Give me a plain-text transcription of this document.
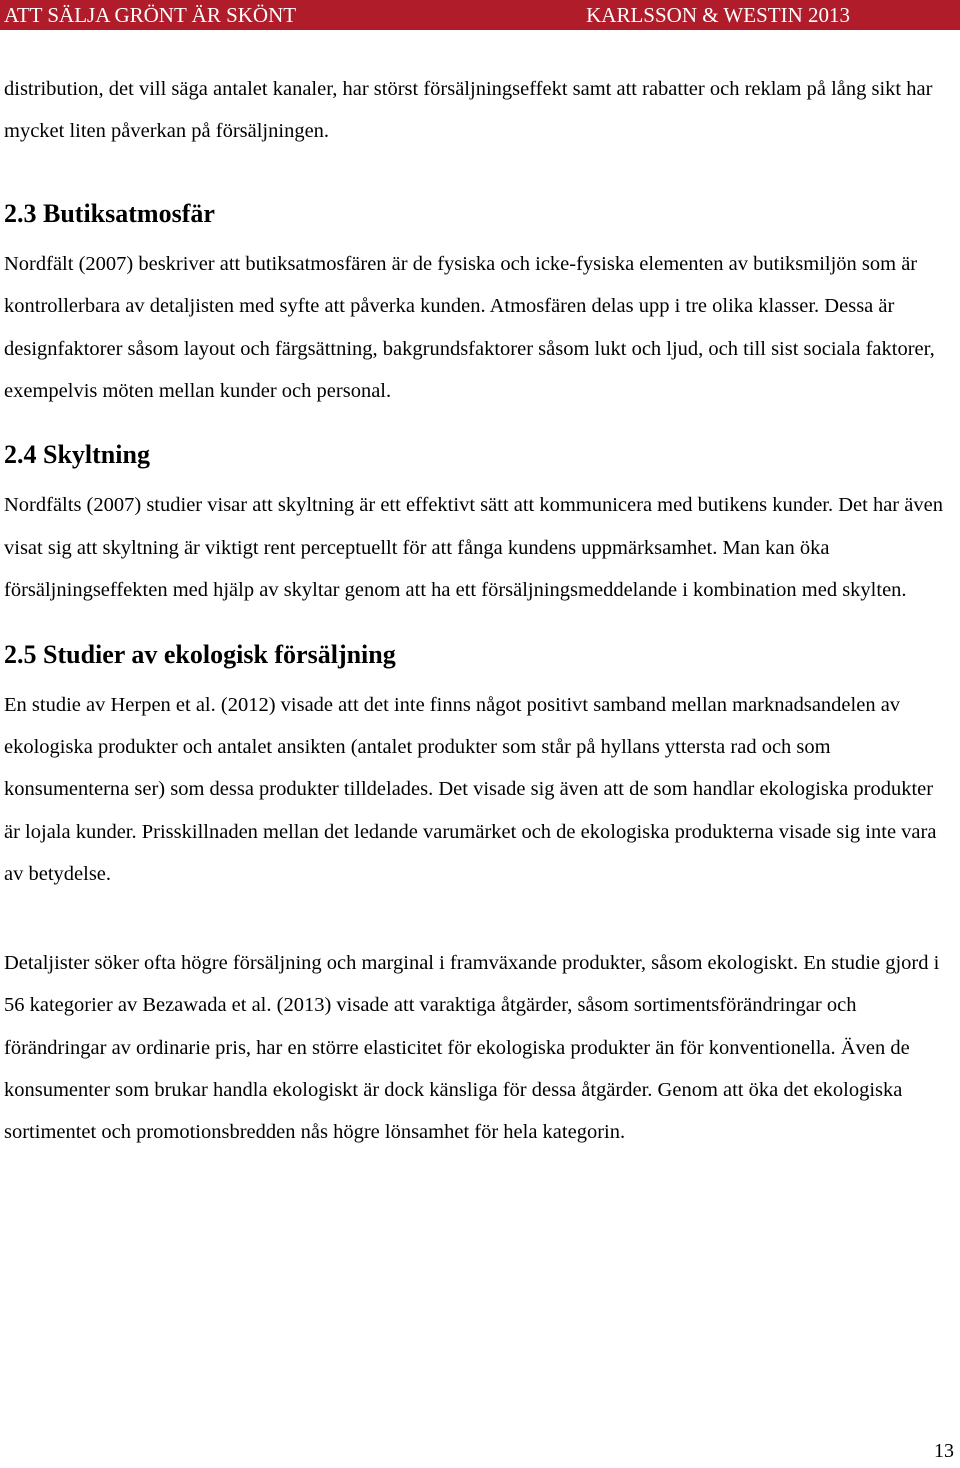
ATT SÄLJA GRÖNT ÄR SKÖNT	KARLSSON & WESTIN 2013

distribution, det vill säga antalet kanaler, har störst försäljningseffekt samt att rabatter och reklam på lång sikt har mycket liten påverkan på försäljningen.

2.3 Butiksatmosfär

Nordfält (2007) beskriver att butiksatmosfären är de fysiska och icke-fysiska elementen av butiksmiljön som är kontrollerbara av detaljisten med syfte att påverka kunden. Atmosfären delas upp i tre olika klasser. Dessa är designfaktorer såsom layout och färgsättning, bakgrundsfaktorer såsom lukt och ljud, och till sist sociala faktorer, exempelvis möten mellan kunder och personal.

2.4 Skyltning

Nordfälts (2007) studier visar att skyltning är ett effektivt sätt att kommunicera med butikens kunder. Det har även visat sig att skyltning är viktigt rent perceptuellt för att fånga kundens uppmärksamhet. Man kan öka försäljningseffekten med hjälp av skyltar genom att ha ett försäljningsmeddelande i kombination med skylten.

2.5 Studier av ekologisk försäljning

En studie av Herpen et al. (2012) visade att det inte finns något positivt samband mellan marknadsandelen av ekologiska produkter och antalet ansikten (antalet produkter som står på hyllans yttersta rad och som konsumenterna ser) som dessa produkter tilldelades. Det visade sig även att de som handlar ekologiska produkter är lojala kunder. Prisskillnaden mellan det ledande varumärket och de ekologiska produkterna visade sig inte vara av betydelse.

Detaljister söker ofta högre försäljning och marginal i framväxande produkter, såsom ekologiskt. En studie gjord i 56 kategorier av Bezawada et al. (2013) visade att varaktiga åtgärder, såsom sortimentsförändringar och förändringar av ordinarie pris, har en större elasticitet för ekologiska produkter än för konventionella. Även de konsumenter som brukar handla ekologiskt är dock känsliga för dessa åtgärder. Genom att öka det ekologiska sortimentet och promotionsbredden nås högre lönsamhet för hela kategorin.

13
